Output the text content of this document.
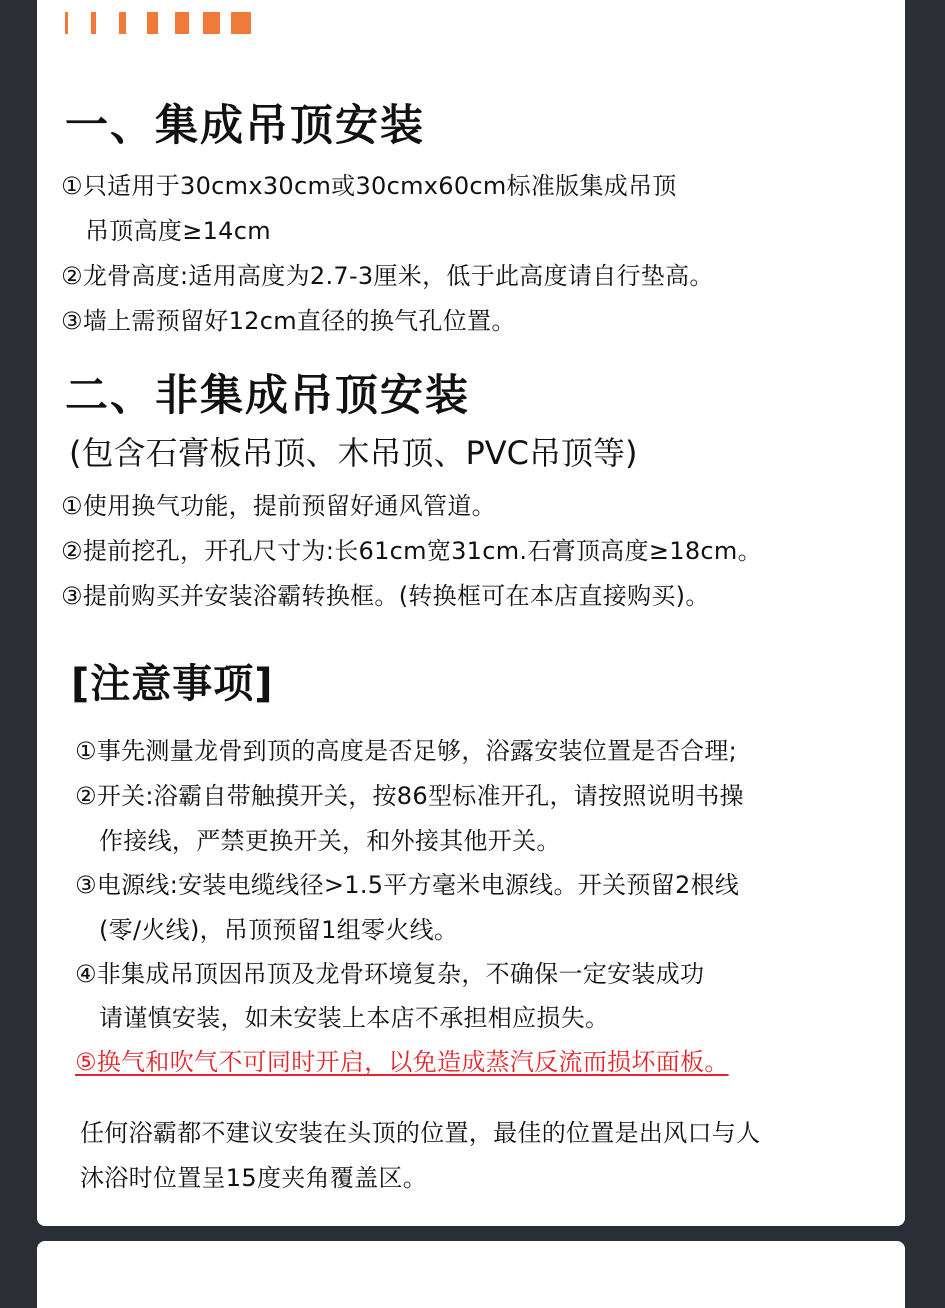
一、集成吊顶安装
①只适用于30cmx30cm或30cmx60cm标准版集成吊顶
吊顶高度≥14cm
②龙骨高度:适用高度为2.7-3厘米，低于此高度请自行垫高。
③墙上需预留好12cm直径的换气孔位置。
二、非集成吊顶安装
(包含石膏板吊顶、木吊顶、PVC吊顶等)
①使用换气功能，提前预留好通风管道。
②提前挖孔，开孔尺寸为:长61cm宽31cm.石膏顶高度≥18cm。
③提前购买并安装浴霸转换框。(转换框可在本店直接购买)。
[注意事项]
①事先测量龙骨到顶的高度是否足够，浴露安装位置是否合理;
②开关:浴霸自带触摸开关，按86型标准开孔，请按照说明书操
作接线，严禁更换开关，和外接其他开关。
③电源线:安装电缆线径>1.5平方毫米电源线。开关预留2根线
(零/火线)，吊顶预留1组零火线。
④非集成吊顶因吊顶及龙骨环境复杂，不确保一定安装成功
请谨慎安装，如未安装上本店不承担相应损失。
⑤换气和吹气不可同时开启，以免造成蒸汽反流而损坏面板。
任何浴霸都不建议安装在头顶的位置，最佳的位置是出风口与人
沐浴时位置呈15度夹角覆盖区。
